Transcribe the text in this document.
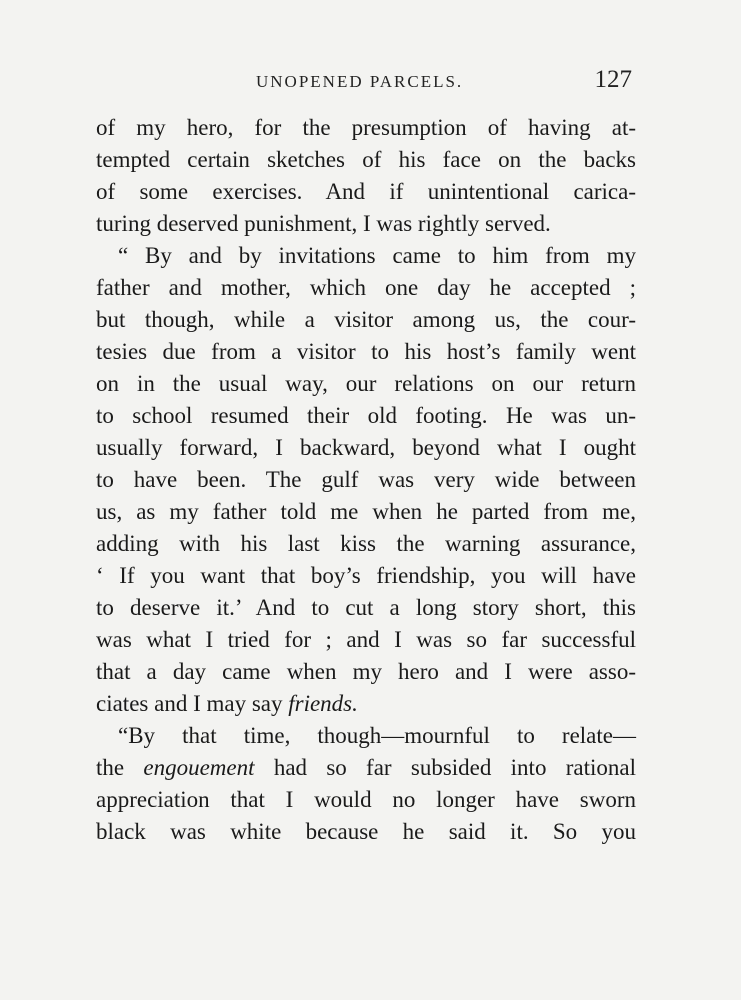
UNOPENED PARCELS.	127
of my hero, for the presumption of having at-
tempted certain sketches of his face on the backs
of some exercises. And if unintentional carica-
turing deserved punishment, I was rightly served.
“ By and by invitations came to him from my
father and mother, which one day he accepted ;
but though, while a visitor among us, the cour-
tesies due from a visitor to his host’s family went
on in the usual way, our relations on our return
to school resumed their old footing. He was un-
usually forward, I backward, beyond what I ought
to have been. The gulf was very wide between
us, as my father told me when he parted from me,
adding with his last kiss the warning assurance,
‘ If you want that boy’s friendship, you will have
to deserve it.’ And to cut a long story short, this
was what I tried for ; and I was so far successful
that a day came when my hero and I were asso-
ciates and I may say friends.
“By that time, though—mournful to relate—
the engouement had so far subsided into rational
appreciation that I would no longer have sworn
black was white because he said it. So you
